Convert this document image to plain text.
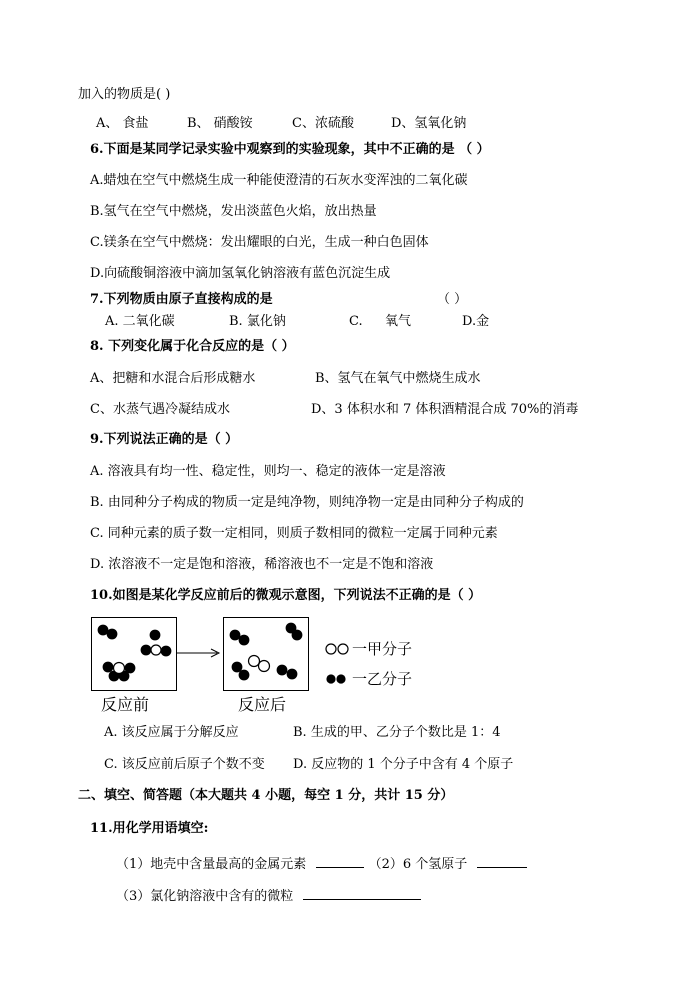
加入的物质是( )
A、 食盐	B、 硝酸铵	C、浓硫酸	D、氢氧化钠
6.下面是某同学记录实验中观察到的实验现象，其中不正确的是 （ ）
A.蜡烛在空气中燃烧生成一种能使澄清的石灰水变浑浊的二氧化碳
B.氢气在空气中燃烧，发出淡蓝色火焰，放出热量
C.镁条在空气中燃烧：发出耀眼的白光，生成一种白色固体
D.向硫酸铜溶液中滴加氢氧化钠溶液有蓝色沉淀生成
7.下列物质由原子直接构成的是	（ ）
A. 二氧化碳	B. 氯化钠	C. 氧气	D.金
8. 下列变化属于化合反应的是（ ）
A、把糖和水混合后形成糖水	B、氢气在氧气中燃烧生成水
C、水蒸气遇冷凝结成水	D、3 体积水和 7 体积酒精混合成 70%的消毒
9.下列说法正确的是（ ）
A. 溶液具有均一性、稳定性，则均一、稳定的液体一定是溶液
B. 由同种分子构成的物质一定是纯净物，则纯净物一定是由同种分子构成的
C. 同种元素的质子数一定相同，则质子数相同的微粒一定属于同种元素
D. 浓溶液不一定是饱和溶液，稀溶液也不一定是不饱和溶液
10.如图是某化学反应前后的微观示意图，下列说法不正确的是（ ）
反应前	反应后
一甲分子
一乙分子
A. 该反应属于分解反应	B. 生成的甲、乙分子个数比是 1：4
C. 该反应前后原子个数不变 D. 反应物的 1 个分子中含有 4 个原子
二、填空、简答题（本大题共 4 小题，每空 1 分，共计 15 分）
11.用化学用语填空:
（1）地壳中含量最高的金属元素	（2）6 个氢原子
（3）氯化钠溶液中含有的微粒
